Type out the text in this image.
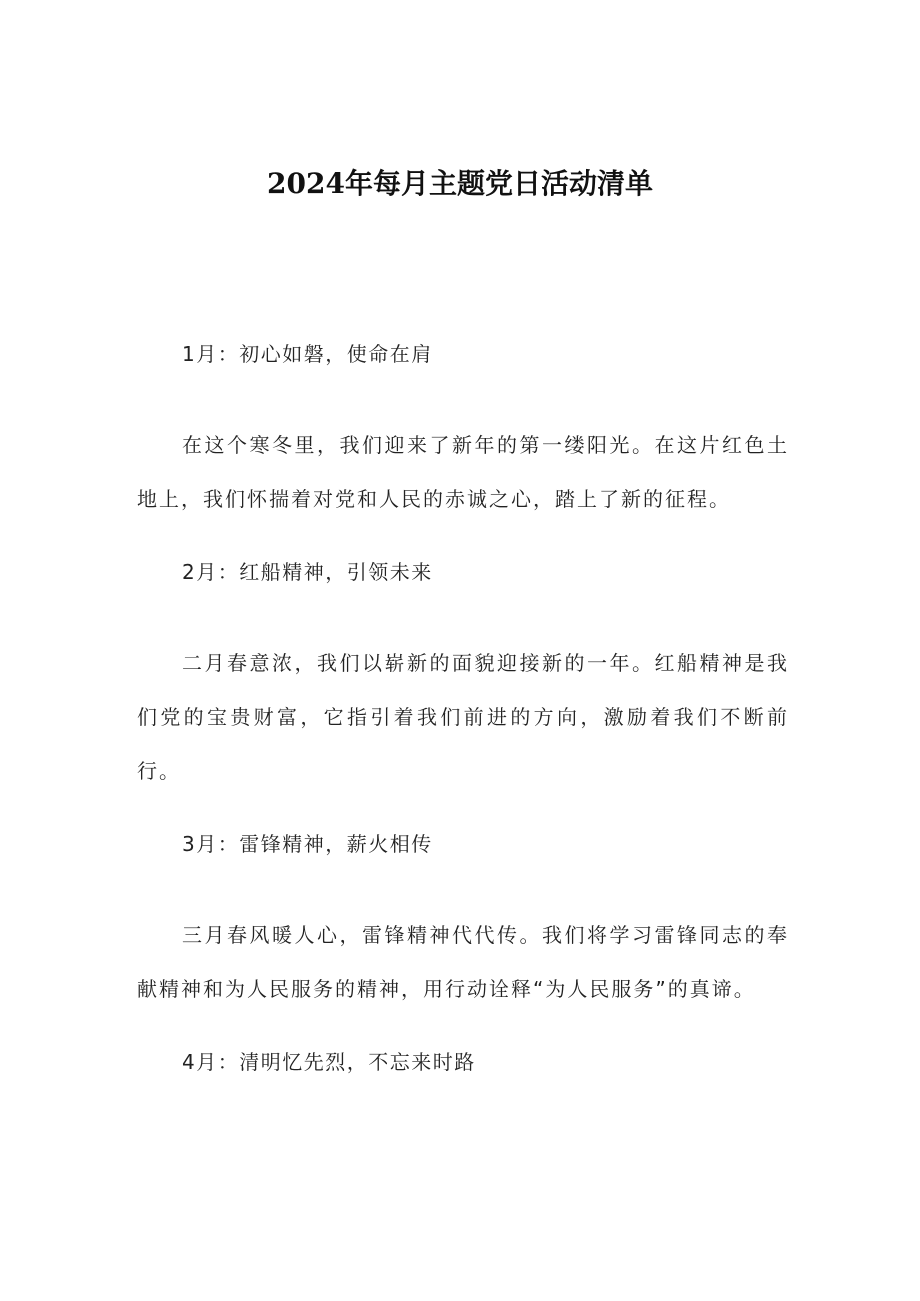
2024年每月主题党日活动清单

1月：初心如磐，使命在肩

在这个寒冬里，我们迎来了新年的第一缕阳光。在这片红色土地上，我们怀揣着对党和人民的赤诚之心，踏上了新的征程。

2月：红船精神，引领未来

二月春意浓，我们以崭新的面貌迎接新的一年。红船精神是我们党的宝贵财富，它指引着我们前进的方向，激励着我们不断前行。

3月：雷锋精神，薪火相传

三月春风暖人心，雷锋精神代代传。我们将学习雷锋同志的奉献精神和为人民服务的精神，用行动诠释“为人民服务”的真谛。

4月：清明忆先烈，不忘来时路
